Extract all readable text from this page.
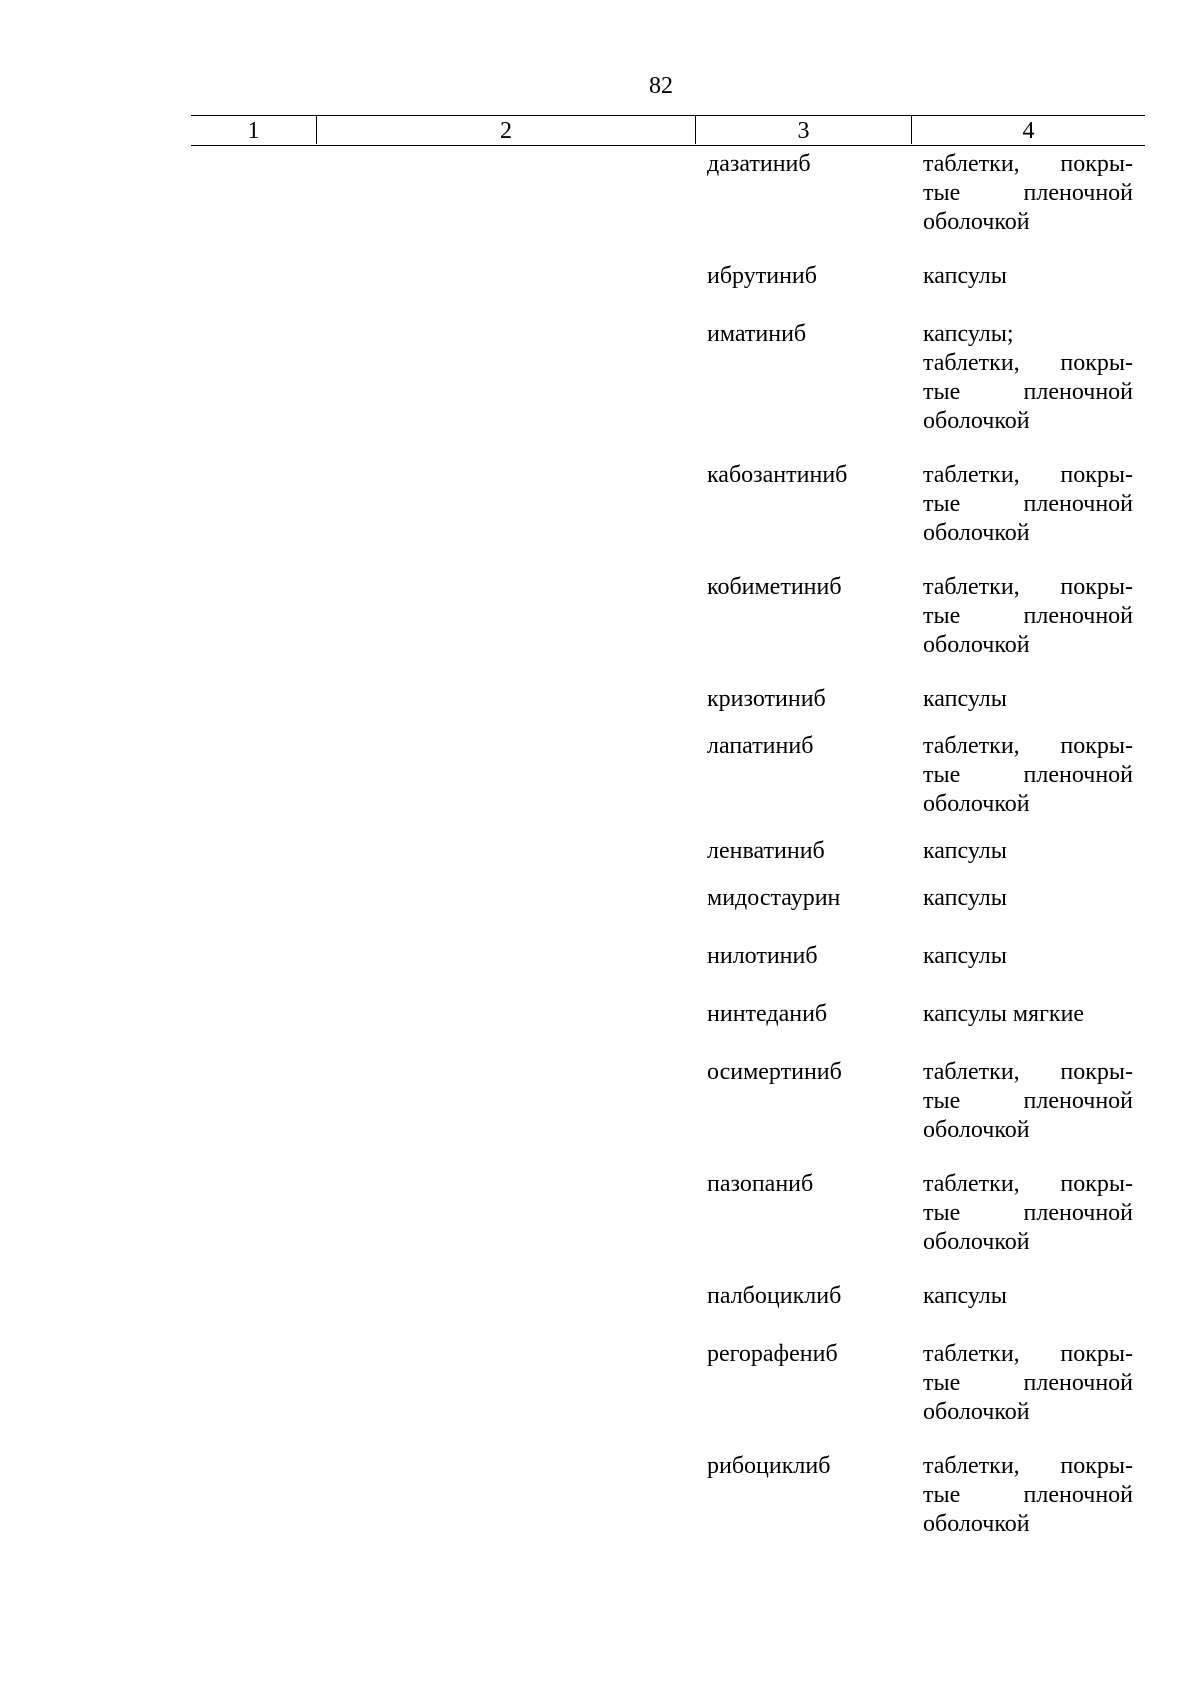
82
1	2	3	4
дазатиниб	таблетки, покры-
тые пленочной
оболочкой
ибрутиниб	капсулы
иматиниб	капсулы;
таблетки, покры-
тые пленочной
оболочкой
кабозантиниб	таблетки, покры-
тые пленочной
оболочкой
кобиметиниб	таблетки, покры-
тые пленочной
оболочкой
кризотиниб	капсулы
лапатиниб	таблетки, покры-
тые пленочной
оболочкой
ленватиниб	капсулы
мидостаурин	капсулы
нилотиниб	капсулы
нинтеданиб	капсулы мягкие
осимертиниб	таблетки, покры-
тые пленочной
оболочкой
пазопаниб	таблетки, покры-
тые пленочной
оболочкой
палбоциклиб	капсулы
регорафениб	таблетки, покры-
тые пленочной
оболочкой
рибоциклиб	таблетки, покры-
тые пленочной
оболочкой
